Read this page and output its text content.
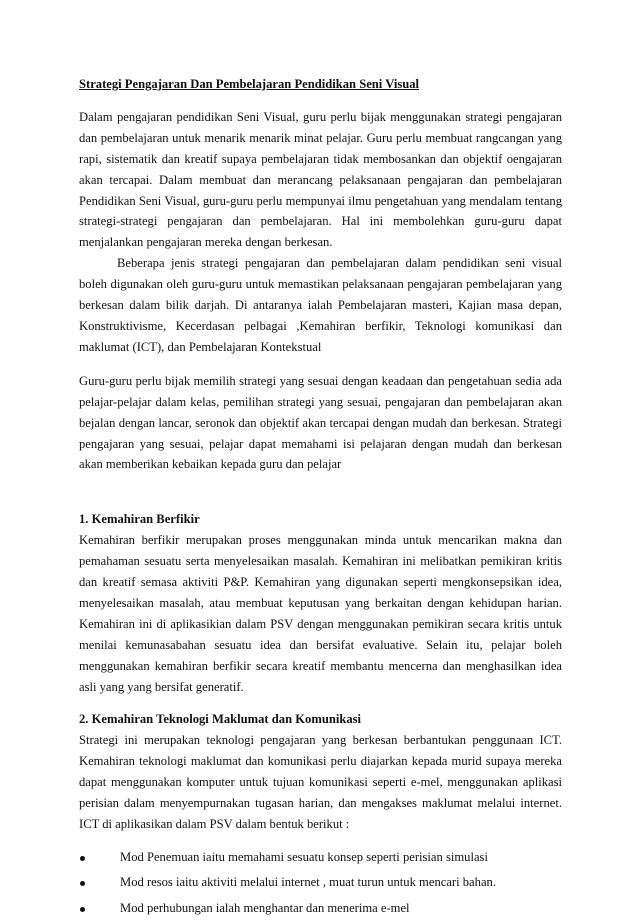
Strategi Pengajaran Dan Pembelajaran Pendidikan Seni Visual

Dalam pengajaran pendidikan Seni Visual, guru perlu bijak menggunakan strategi pengajaran dan pembelajaran untuk menarik menarik minat pelajar. Guru perlu membuat rangcangan yang rapi, sistematik dan kreatif supaya pembelajaran tidak membosankan dan objektif oengajaran akan tercapai. Dalam membuat dan merancang pelaksanaan pengajaran dan pembelajaran Pendidikan Seni Visual, guru-guru perlu mempunyai ilmu pengetahuan yang mendalam tentang strategi-strategi pengajaran dan pembelajaran. Hal ini membolehkan guru-guru dapat menjalankan pengajaran mereka dengan berkesan.

Beberapa jenis strategi pengajaran dan pembelajaran dalam pendidikan seni visual boleh digunakan oleh guru-guru untuk memastikan pelaksanaan pengajaran pembelajaran yang berkesan dalam bilik darjah. Di antaranya ialah Pembelajaran masteri, Kajian masa depan, Konstruktivisme, Kecerdasan pelbagai ,Kemahiran berfikir, Teknologi komunikasi dan maklumat (ICT), dan Pembelajaran Kontekstual

Guru-guru perlu bijak memilih strategi yang sesuai dengan keadaan dan pengetahuan sedia ada pelajar-pelajar dalam kelas, pemilihan strategi yang sesuai, pengajaran dan pembelajaran akan bejalan dengan lancar, seronok dan objektif akan tercapai dengan mudah dan berkesan. Strategi pengajaran yang sesuai, pelajar dapat memahami isi pelajaran dengan mudah dan berkesan akan memberikan kebaikan kepada guru dan pelajar

1. Kemahiran Berfikir

Kemahiran berfikir merupakan proses menggunakan minda untuk mencarikan makna dan pemahaman sesuatu serta menyelesaikan masalah. Kemahiran ini melibatkan pemikiran kritis dan kreatif semasa aktiviti P&P. Kemahiran yang digunakan seperti mengkonsepsikan idea, menyelesaikan masalah, atau membuat keputusan yang berkaitan dengan kehidupan harian. Kemahiran ini di aplikasikian dalam PSV dengan menggunakan pemikiran secara kritis untuk menilai kemunasabahan sesuatu idea dan bersifat evaluative. Selain itu, pelajar boleh menggunakan kemahiran berfikir secara kreatif membantu mencerna dan menghasilkan idea asli yang yang bersifat generatif.

2. Kemahiran Teknologi Maklumat dan Komunikasi

Strategi ini merupakan teknologi pengajaran yang berkesan berbantukan penggunaan ICT. Kemahiran teknologi maklumat dan komunikasi perlu diajarkan kepada murid supaya mereka dapat menggunakan komputer untuk tujuan komunikasi seperti e-mel, menggunakan aplikasi perisian dalam menyempurnakan tugasan harian, dan mengakses maklumat melalui internet. ICT di aplikasikan dalam PSV dalam bentuk berikut :

Mod Penemuan iaitu memahami sesuatu konsep seperti perisian simulasi
Mod resos iaitu aktiviti melalui internet , muat turun untuk mencari bahan.
Mod perhubungan ialah menghantar dan menerima e-mel
